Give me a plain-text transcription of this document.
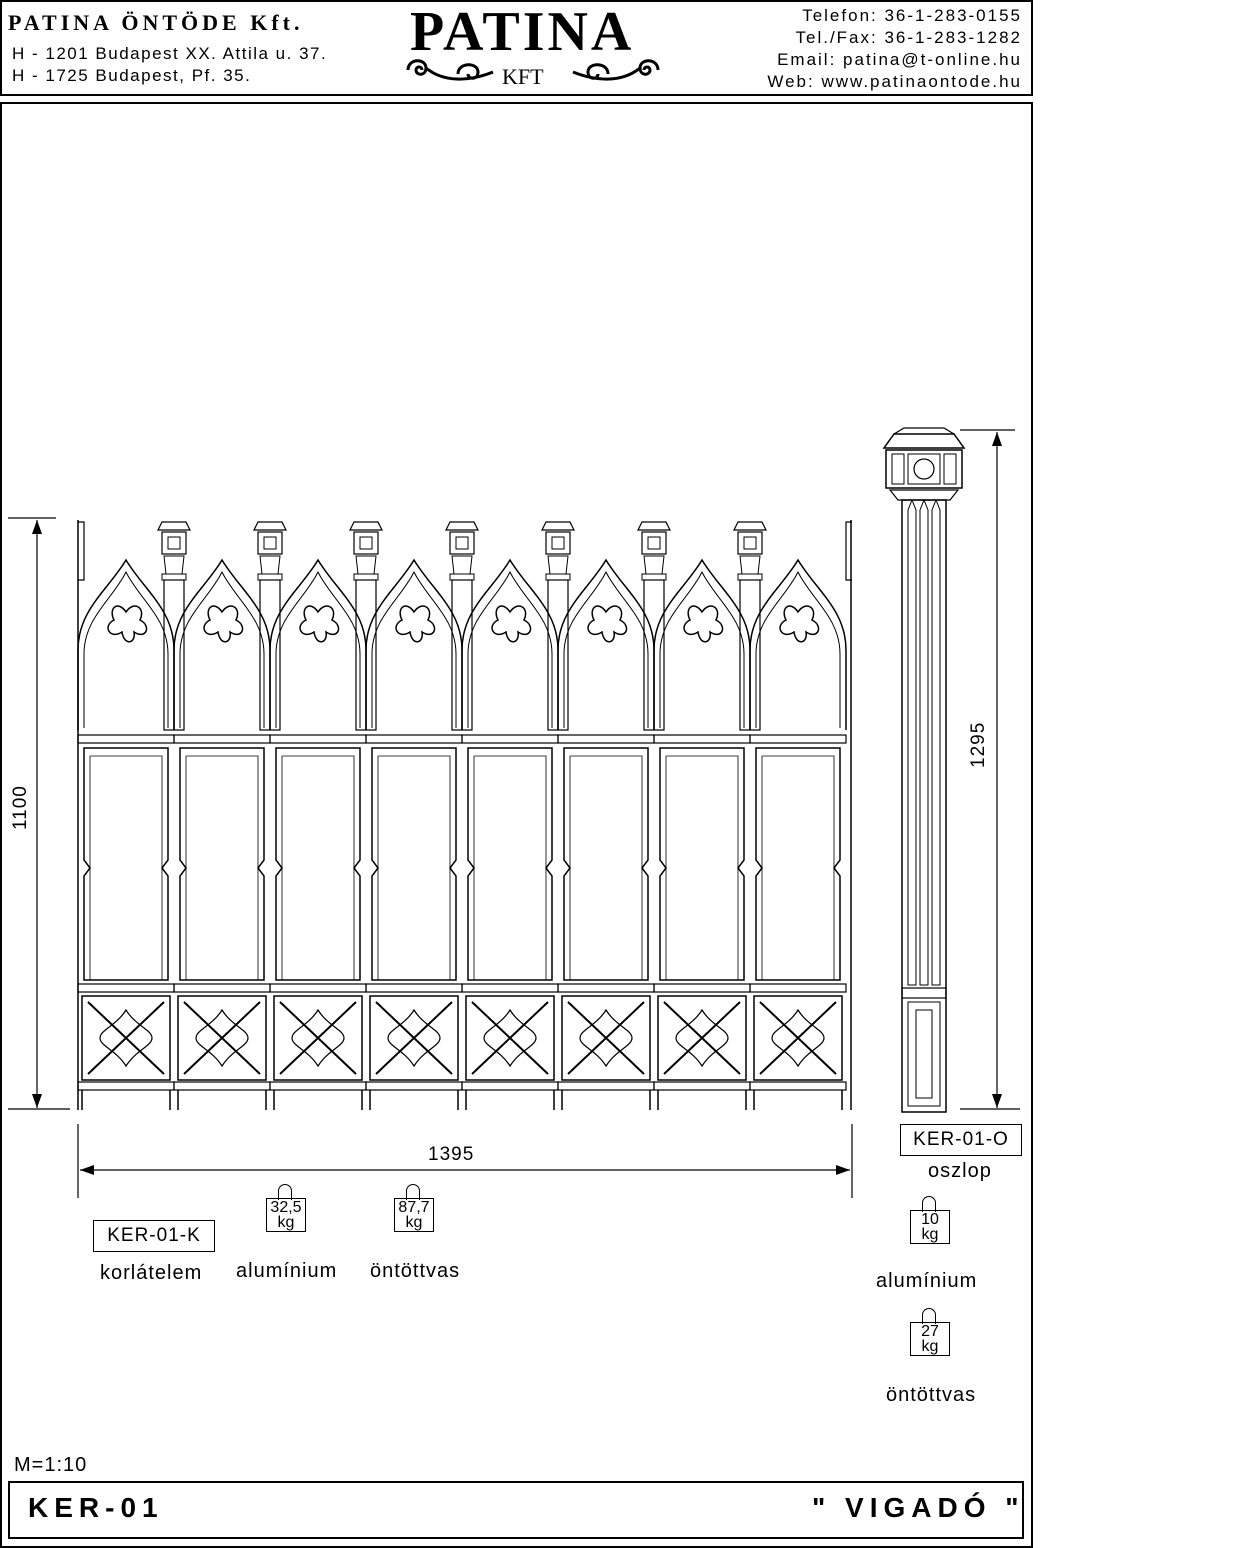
PATINA ÖNTÖDE Kft.
H - 1201 Budapest XX. Attila u. 37.
H - 1725 Budapest, Pf. 35.
PATINA
KFT
Telefon: 36-1-283-0155
Tel./Fax: 36-1-283-1282
Email: patina@t-online.hu
Web: www.patinaontode.hu
1100
1395
1295
KER-01-K
korlátelem
32,5
kg
alumínium
87,7
kg
öntöttvas
KER-01-O
oszlop
10
kg
alumínium
27
kg
öntöttvas
M=1:10
KER-01	" VIGADÓ "
